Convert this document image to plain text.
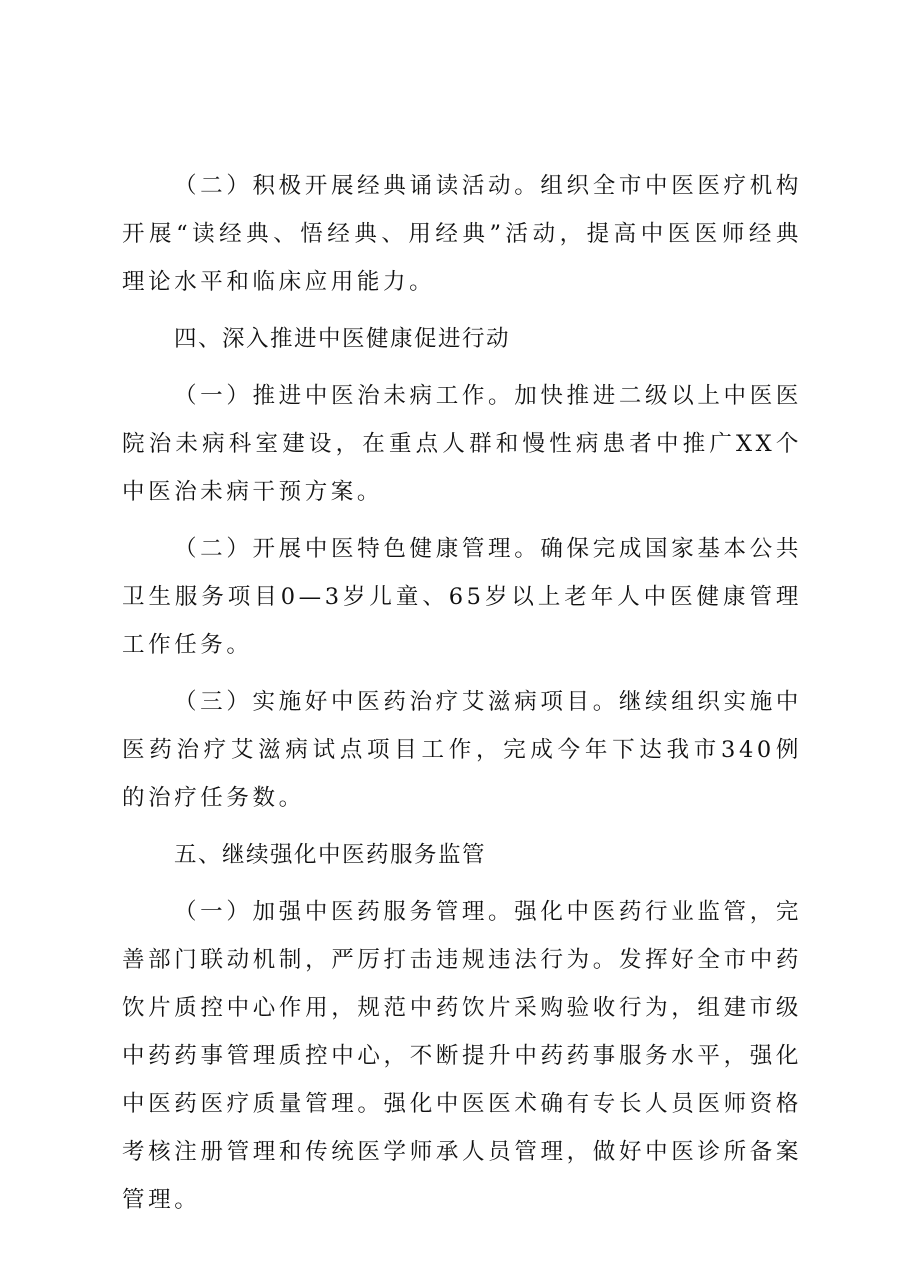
（二）积极开展经典诵读活动。组织全市中医医疗机构开展“读经典、悟经典、用经典”活动，提高中医医师经典理论水平和临床应用能力。

四、深入推进中医健康促进行动

（一）推进中医治未病工作。加快推进二级以上中医医院治未病科室建设，在重点人群和慢性病患者中推广XX个中医治未病干预方案。

（二）开展中医特色健康管理。确保完成国家基本公共卫生服务项目0—3岁儿童、65岁以上老年人中医健康管理工作任务。

（三）实施好中医药治疗艾滋病项目。继续组织实施中医药治疗艾滋病试点项目工作，完成今年下达我市340例的治疗任务数。

五、继续强化中医药服务监管

（一）加强中医药服务管理。强化中医药行业监管，完善部门联动机制，严厉打击违规违法行为。发挥好全市中药饮片质控中心作用，规范中药饮片采购验收行为，组建市级中药药事管理质控中心，不断提升中药药事服务水平，强化中医药医疗质量管理。强化中医医术确有专长人员医师资格考核注册管理和传统医学师承人员管理，做好中医诊所备案管理。
